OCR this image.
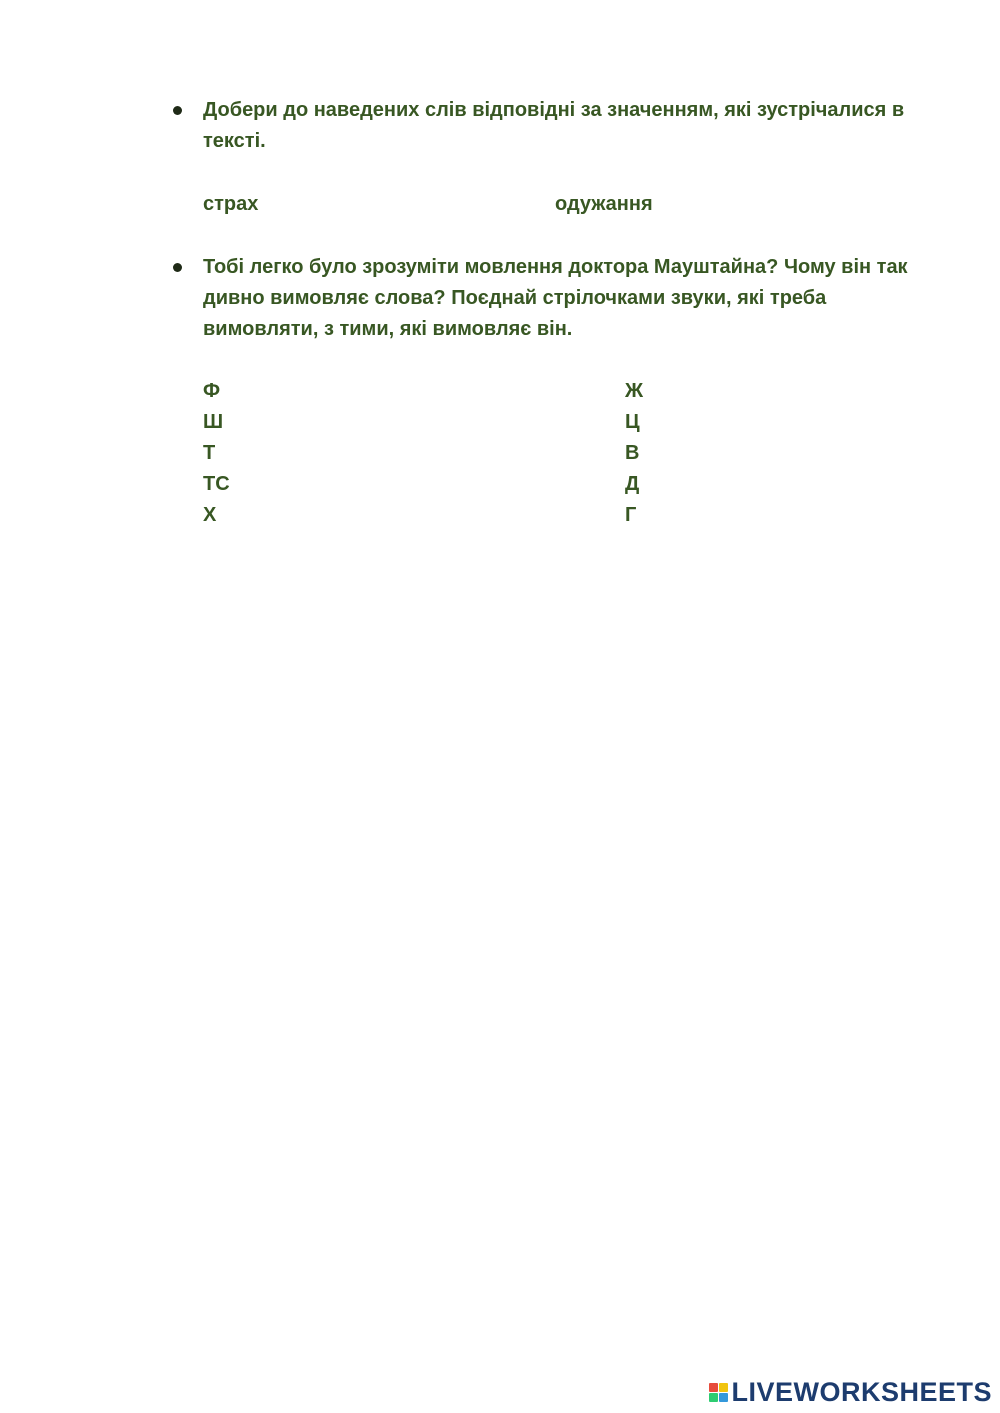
Добери до наведених слів відповідні за значенням, які зустрічалися в тексті.
страх	одужання
Тобі легко було зрозуміти мовлення доктора Мауштайна? Чому він так дивно вимовляє слова? Поєднай стрілочками звуки, які треба вимовляти, з тими, які вимовляє він.
Ф
Ш
Т
ТС
Х
Ж
Ц
В
Д
Г
LIVEWORKSHEETS
